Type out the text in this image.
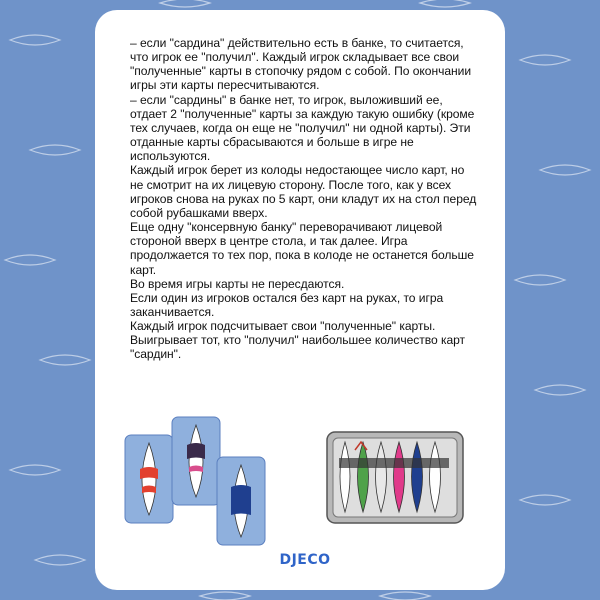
– если "сардина" действительно есть в банке, то считается, что игрок ее "получил". Каждый игрок складывает все свои "полученные" карты в стопочку рядом с собой. По окончании игры эти карты пересчитываются.

– если "сардины" в банке нет, то игрок, выложивший ее, отдает 2 "полученные" карты за каждую такую ошибку (кроме тех случаев, когда он еще не "получил" ни одной карты). Эти отданные карты сбрасываются и больше в игре не используются.

Каждый игрок берет из колоды недостающее число карт, но не смотрит на их лицевую сторону. После того, как у всех игроков снова на руках по 5 карт, они кладут их на стол перед собой рубашками вверх.

Еще одну "консервную банку" переворачивают лицевой стороной вверх в центре стола, и так далее. Игра продолжается то тех пор, пока в колоде не останется больше карт.

Во время игры карты не пересдаются.

Если один из игроков остался без карт на руках, то игра заканчивается.

Каждый игрок подсчитывает свои "полученные" карты. Выигрывает тот, кто "получил" наибольшее количество карт "сардин".

DJECO
